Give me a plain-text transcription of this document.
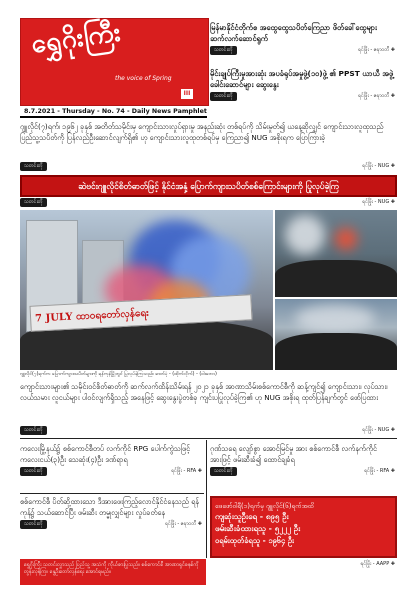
ရွှေဂိုးကြီး
the voice of Spring
III
8.7.2021 - Thursday - No. 74 - Daily News Pamphlet
မြန်မာနိုင်ငံတိုက်စ အထွေထွေသပိတ်ကြေညာ ဖိတ်ခေါ်ထွေများ ဆက်လက်ဆောင်ရွက်
သတင်းတို	ရင်ဖြိုး - ဧရာဝတီ ✚
မိုင်းချုပ်ကြီးမှုအားဆုံး အပခံရုပ်အမှုဖွဲ့(၁၀)ဖွဲ့ ၏ PPST ယာယီ အဖွဲ့ခေါင်းဆောင်များ ဆွေးနွေး
သတင်းတို	ရင်ဖြိုး - ဧရာဝတီ ✚
ဂျူလိုင်(၇)ရက်၊ ၁၉၆၂ ခုနှစ် အတိတ်သမိုင်းမှ ကျောင်းသားလှုပ်ရှားမှု အနည်းဆုံး တစ်ရပ်ကို သိမ်းမှုတ်၍ ယနေ့ဆိုလျှင် ကျောင်းသားလူထုသည် ပြည်သူ့သပိတ်ကို ပြန်လည်ဦးဆောင်လျက်ရှိ၏ ဟု ကျောင်းသားလူထုတစ်ရပ်မှ ကြေညာ၍ NUG အစိုးရက ပြောကြားခဲ့
သတင်းတို	ရင်ဖြိုး - NUG ✚
ဆဲဗင်းဂျူလိုင်စိတ်ဓာတ်ဖြင့် နိုင်ငံအနှံ့ ပြောက်ကျားသပိတ်စစ်ကြောင်းများကို ပြုလုပ်ခဲ့ကြ
သတင်းတို	ရင်ဖြိုး - NUG ✚
7 JULY ထာဝရတော်လှန်ရေး
ဂျူလိုင်(၇)ရက်က ပြောက်ကျားသပိတ်များကို ရန်ကုန်မြို့တွင် ပြုလုပ်ခဲ့ကြသည်။ ဓာတ်ပုံ - (ထိုက်လိုက်) - (ဝါးဘော)
ကျောင်းသားများ၏ သမိုင်းဝင်စိတ်ဓာတ်ကို ဆက်လက်ထိန်းသိမ်းရန် ၂၀၂၁ ခုနှစ် အာဏာသိမ်းစစ်ကောင်စီကို ဆန့်ကျင်၍ ကျောင်းသား၊ လုပ်သား၊ လယ်သမား လူငယ်များ ပါဝင်လျက်ရှိသည့် အနေဖြင့် ဆွေးနွေးပွဲတစ်ခု ကျင်းပပြုလုပ်ခဲ့ကြ၏ ဟု NUG အစိုးရ ထုတ်ပြန်ချက်တွင် ဖော်ပြထား
သတင်းတို	ရင်ဖြိုး - NUG ✚
ကလေးမြို့နယ်၌ စစ်ကောင်စီတပ် လက်ကိုင် RPG ပေါက်ကွဲသဖြင့် ကလေးငယ်(၃)ဦး သေဆုံး(၄)ဦး ဒဏ်ရာရ
သတင်းတို	ရင်ဖြိုး - RFA ✚
စစ်ကောင်စီ ပိတ်ဆို့ထားသော ဒီအားဖေးကြည့်လောင်နိုင်ငံနေသည် ရန်ကုန်၌ သယ်ဆောင်ပြီး ဖမ်းဆီး တမ္မုလျှင်များ လှုပ်ခတ်နေ
သတင်းတို	ရင်ဖြိုး - ဧရာဝတီ ✚
ဂုဏ်သရေ လျော်စွာ အောင်မြင်မှု အား စစ်ကောင်စီ လက်နက်ကိုင်အားဖြင့် ဖမ်းဆီးခံ၍ ထောင်ချခံရ
သတင်းတို	ရင်ဖြိုး - RFA ✚
ဖေဖော်ဝါရီ(၁)ရက်မှ ဂျူလိုင်(၆)ရက်အထိ
ကျဆုံးသူဦးရေ - ၈၉၅ ဦး
ဖမ်းဆီးခံထားရသူ - ၅၂၂၂ ဦး
ဝရမ်းထုတ်ခံရသူ - ၁၉၆၄ ဦး
ရင်ဖြိုး - AAPP ✚
ရွှေဂိုးကြီး သတင်းလွှာသည် ပြည်သူ့ အသံကို ကိုယ်စားပြုသည်။ စစ်ကောင်စီ အာဏာရှင်စနစ်ကို တွန်းလှန်ကြ။ နွေဦးတော်လှန်ရေး အောင်ရမည်။
